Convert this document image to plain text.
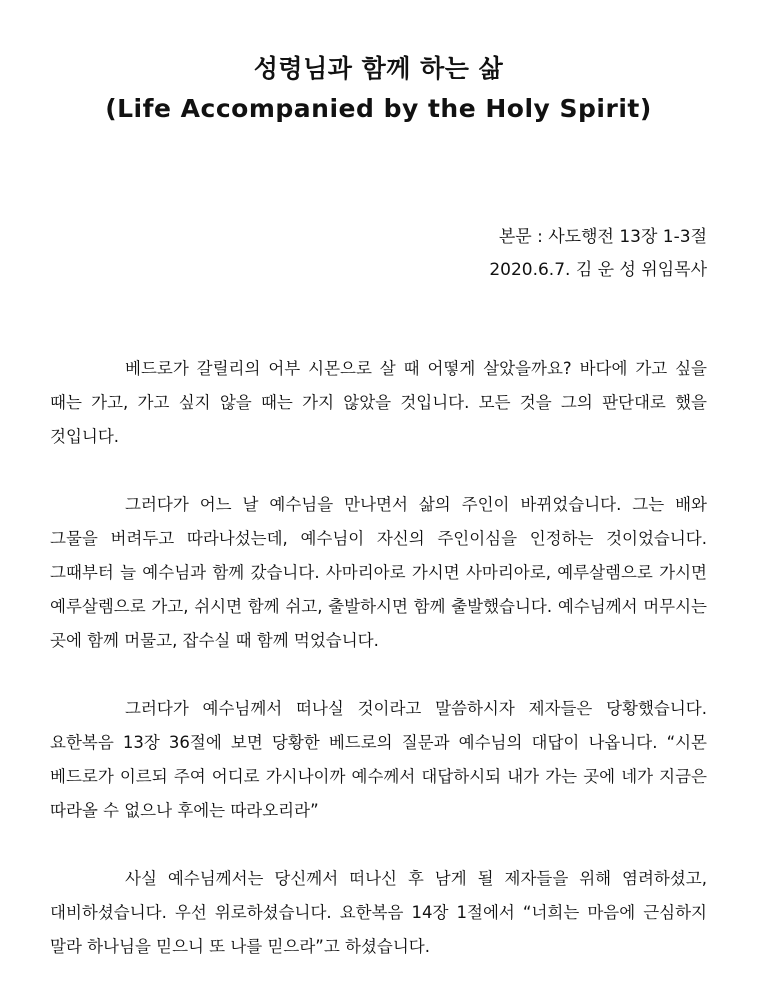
성령님과 함께 하는 삶
(Life Accompanied by the Holy Spirit)
본문 : 사도행전 13장 1-3절
2020.6.7. 김 운 성 위임목사

베드로가 갈릴리의 어부 시몬으로 살 때 어떻게 살았을까요? 바다에 가고 싶을 때는 가고, 가고 싶지 않을 때는 가지 않았을 것입니다. 모든 것을 그의 판단대로 했을 것입니다.

그러다가 어느 날 예수님을 만나면서 삶의 주인이 바뀌었습니다. 그는 배와 그물을 버려두고 따라나섰는데, 예수님이 자신의 주인이심을 인정하는 것이었습니다. 그때부터 늘 예수님과 함께 갔습니다. 사마리아로 가시면 사마리아로, 예루살렘으로 가시면 예루살렘으로 가고, 쉬시면 함께 쉬고, 출발하시면 함께 출발했습니다. 예수님께서 머무시는 곳에 함께 머물고, 잡수실 때 함께 먹었습니다.

그러다가 예수님께서 떠나실 것이라고 말씀하시자 제자들은 당황했습니다. 요한복음 13장 36절에 보면 당황한 베드로의 질문과 예수님의 대답이 나옵니다. “시몬 베드로가 이르되 주여 어디로 가시나이까 예수께서 대답하시되 내가 가는 곳에 네가 지금은 따라올 수 없으나 후에는 따라오리라”

사실 예수님께서는 당신께서 떠나신 후 남게 될 제자들을 위해 염려하셨고, 대비하셨습니다. 우선 위로하셨습니다. 요한복음 14장 1절에서 “너희는 마음에 근심하지 말라 하나님을 믿으니 또 나를 믿으라”고 하셨습니다.
